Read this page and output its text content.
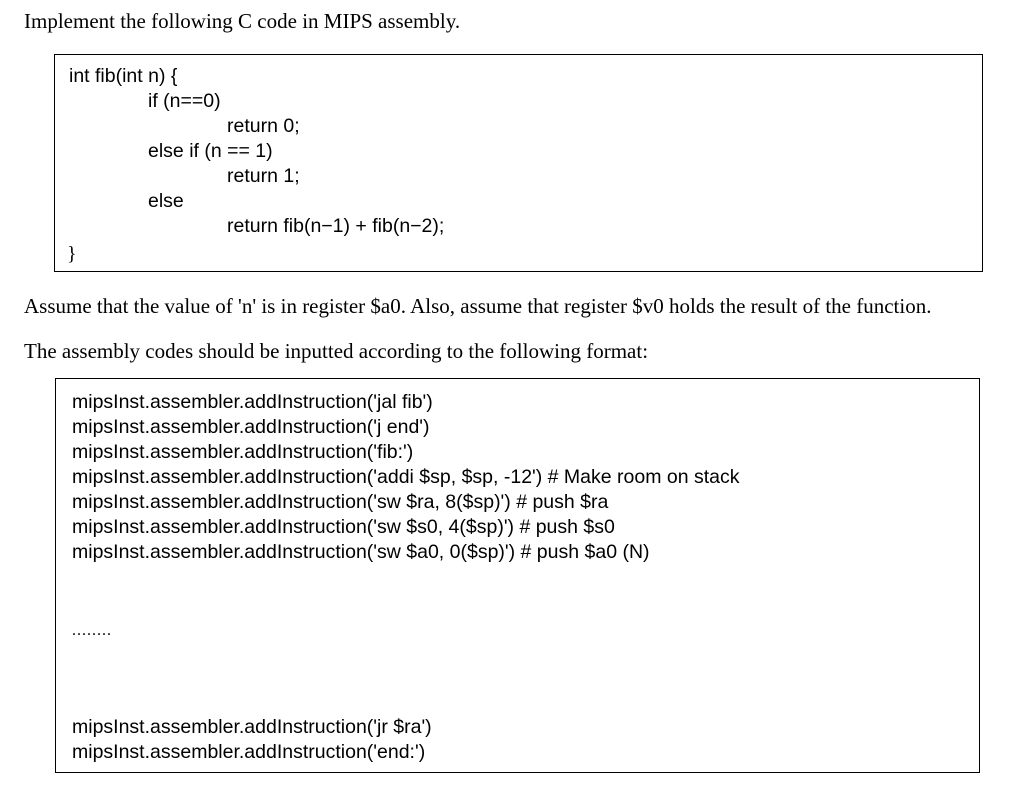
Implement the following C code in MIPS assembly.
int fib(int n) {
if (n==0)
return 0;
else if (n == 1)
return 1;
else
return fib(n−1) + fib(n−2);
}
Assume that the value of 'n' is in register $a0. Also, assume that register $v0 holds the result of the function.
The assembly codes should be inputted according to the following format:
mipsInst.assembler.addInstruction('jal fib')
mipsInst.assembler.addInstruction('j end')
mipsInst.assembler.addInstruction('fib:')
mipsInst.assembler.addInstruction('addi $sp, $sp, -12') # Make room on stack
mipsInst.assembler.addInstruction('sw $ra, 8($sp)') # push $ra
mipsInst.assembler.addInstruction('sw $s0, 4($sp)') # push $s0
mipsInst.assembler.addInstruction('sw $a0, 0($sp)') # push $a0 (N)
........
mipsInst.assembler.addInstruction('jr $ra')
mipsInst.assembler.addInstruction('end:')
